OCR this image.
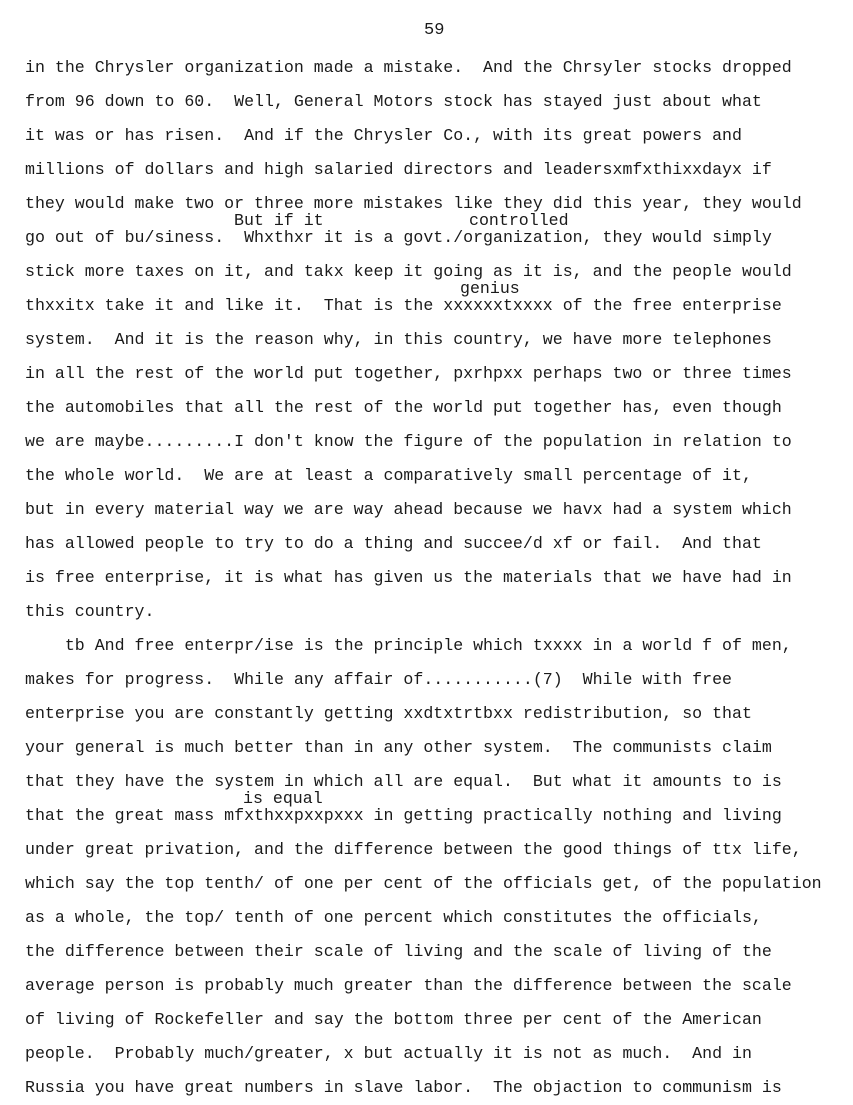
59
in the Chrysler organization made a mistake.  And the Chrsyler stocks dropped
from 96 down to 60.  Well, General Motors stock has stayed just about what
it was or has risen.  And if the Chrysler Co., with its great powers and
millions of dollars and high salaried directors and leadersxmfxthixxdayx if
they would make two or three more mistakes like they did this year, they would
go out of bu/siness.  Whxthxr it is a govt./organization, they would simply
stick more taxes on it, and takx keep it going as it is, and the people would
thxxitx take it and like it.  That is the xxxxxxtxxxx of the free enterprise
system.  And it is the reason why, in this country, we have more telephones
in all the rest of the world put together, pxrhpxx perhaps two or three times
the automobiles that all the rest of the world put together has, even though
we are maybe.........I don't know the figure of the population in relation to
the whole world.  We are at least a comparatively small percentage of it,
but in every material way we are way ahead because we havx had a system which
has allowed people to try to do a thing and succee/d xf or fail.  And that
is free enterprise, it is what has given us the materials that we have had in
this country.
tb And free enterpr/ise is the principle which txxxx in a world f of men,
makes for progress.  While any affair of...........(7)  While with free
enterprise you are constantly getting xxdtxtrtbxx redistribution, so that
your general is much better than in any other system.  The communists claim
that they have the system in which all are equal.  But what it amounts to is
that the great mass mfxthxxpxxpxxx in getting practically nothing and living
under great privation, and the difference between the good things of ttx life,
which say the top tenth/ of one per cent of the officials get, of the population
as a whole, the top/ tenth of one percent which constitutes the officials,
the difference between their scale of living and the scale of living of the
average person is probably much greater than the difference between the scale
of living of Rockefeller and say the bottom three per cent of the American
people.  Probably much/greater, x but actually it is not as much.  And in
Russia you have great numbers in slave labor.  The objaction to communism is
But if it	controlled
genius
is equal
